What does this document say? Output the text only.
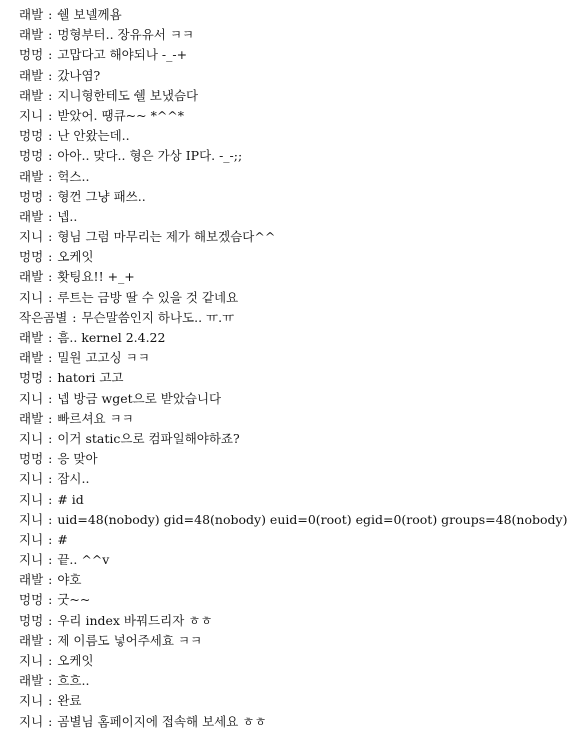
래발 : 쉘 보넬께욤
래발 : 멍형부터.. 장유유서 ㅋㅋ
멍멍 : 고맙다고 해야되나 -_-+
래발 : 갔나염?
래발 : 지니형한테도 쉘 보냈슴다
지니 : 받았어. 땡큐~~ *^^*
멍멍 : 난 안왔는데..
멍멍 : 아아.. 맞다.. 형은 가상 IP다. -_-;;
래발 : 헉스..
멍멍 : 형껀 그냥 패쓰..
래발 : 넵..
지니 : 형님 그럼 마무리는 제가 해보겠슴다^^
멍멍 : 오케잇
래발 : 홧팅요!! +_+
지니 : 루트는 금방 딸 수 있을 것 같네요
작은곰별 : 무슨말씀인지 하나도.. ㅠ.ㅠ
래발 : 흠.. kernel 2.4.22
래발 : 밀원 고고싱 ㅋㅋ
멍멍 : hatori 고고
지니 : 넵 방금 wget으로 받았습니다
래발 : 빠르셔요 ㅋㅋ
지니 : 이거 static으로 컴파일해야하죠?
멍멍 : 응 맞아
지니 : 잠시..
지니 : # id
지니 : uid=48(nobody) gid=48(nobody) euid=0(root) egid=0(root) groups=48(nobody)
지니 : #
지니 : 끝.. ^^v
래발 : 야호
멍멍 : 굿~~
멍멍 : 우리 index 바꿔드리자 ㅎㅎ
래발 : 제 이름도 넣어주세효 ㅋㅋ
지니 : 오케잇
래발 : 흐흐..
지니 : 완료
지니 : 곰별님 홈페이지에 접속해 보세요 ㅎㅎ
